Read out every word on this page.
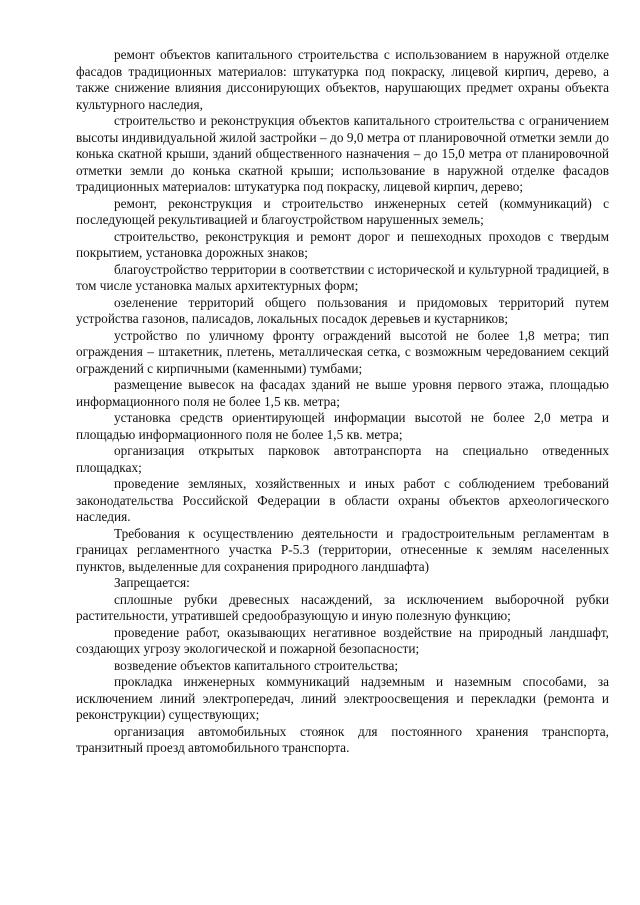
ремонт объектов капитального строительства с использованием в наружной отделке фасадов традиционных материалов: штукатурка под покраску, лицевой кирпич, дерево, а также снижение влияния диссонирующих объектов, нарушающих предмет охраны объекта культурного наследия,

строительство и реконструкция объектов капитального строительства с ограничением высоты индивидуальной жилой застройки – до 9,0 метра от планировочной отметки земли до конька скатной крыши, зданий общественного назначения – до 15,0 метра от планировочной отметки земли до конька скатной крыши; использование в наружной отделке фасадов традиционных материалов: штукатурка под покраску, лицевой кирпич, дерево;

ремонт, реконструкция и строительство инженерных сетей (коммуникаций) с последующей рекультивацией и благоустройством нарушенных земель;

строительство, реконструкция и ремонт дорог и пешеходных проходов с твердым покрытием, установка дорожных знаков;

благоустройство территории в соответствии с исторической и культурной традицией, в том числе установка малых архитектурных форм;

озеленение территорий общего пользования и придомовых территорий путем устройства газонов, палисадов, локальных посадок деревьев и кустарников;

устройство по уличному фронту ограждений высотой не более 1,8 метра; тип ограждения – штакетник, плетень, металлическая сетка, с возможным чередованием секций ограждений с кирпичными (каменными) тумбами;

размещение вывесок на фасадах зданий не выше уровня первого этажа, площадью информационного поля не более 1,5 кв. метра;

установка средств ориентирующей информации высотой не более 2,0 метра и площадью информационного поля не более 1,5 кв. метра;

организация открытых парковок автотранспорта на специально отведенных площадках;

проведение земляных, хозяйственных и иных работ с соблюдением требований законодательства Российской Федерации в области охраны объектов археологического наследия.

Требования к осуществлению деятельности и градостроительным регламентам в границах регламентного участка Р-5.3 (территории, отнесенные к землям населенных пунктов, выделенные для сохранения природного ландшафта)

Запрещается:

сплошные рубки древесных насаждений, за исключением выборочной рубки растительности, утратившей средообразующую и иную полезную функцию;

проведение работ, оказывающих негативное воздействие на природный ландшафт, создающих угрозу экологической и пожарной безопасности;

возведение объектов капитального строительства;

прокладка инженерных коммуникаций надземным и наземным способами, за исключением линий электропередач, линий электроосвещения и перекладки (ремонта и реконструкции) существующих;

организация автомобильных стоянок для постоянного хранения транспорта, транзитный проезд автомобильного транспорта.
